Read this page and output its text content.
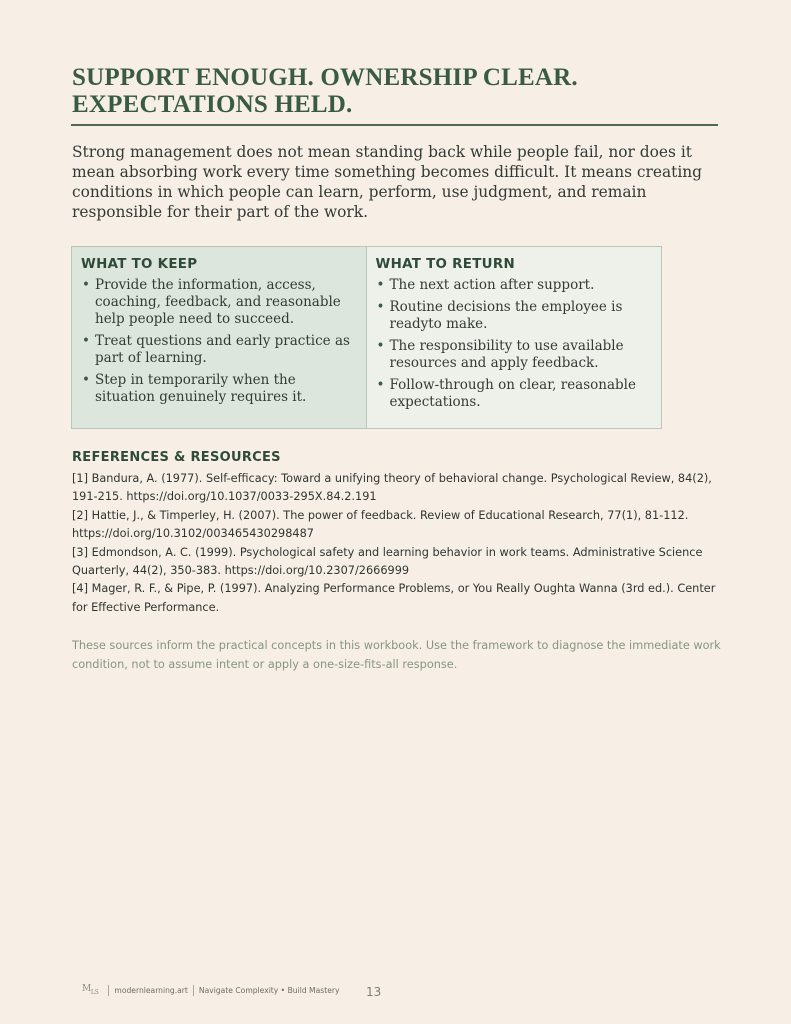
SUPPORT ENOUGH. OWNERSHIP CLEAR.
EXPECTATIONS HELD.

Strong management does not mean standing back while people fail, nor does it mean absorbing work every time something becomes difficult. It means creating conditions in which people can learn, perform, use judgment, and remain responsible for their part of the work.

WHAT TO KEEP
• Provide the information, access, coaching, feedback, and reasonable help people need to succeed.
• Treat questions and early practice as part of learning.
• Step in temporarily when the situation genuinely requires it.
WHAT TO RETURN
• The next action after support.
• Routine decisions the employee is readyto make.
• The responsibility to use available resources and apply feedback.
• Follow-through on clear, reasonable expectations.
REFERENCES & RESOURCES

[1] Bandura, A. (1977). Self-efficacy: Toward a unifying theory of behavioral change. Psychological Review, 84(2), 191-215. https://doi.org/10.1037/0033-295X.84.2.191

[2] Hattie, J., & Timperley, H. (2007). The power of feedback. Review of Educational Research, 77(1), 81-112. https://doi.org/10.3102/003465430298487

[3] Edmondson, A. C. (1999). Psychological safety and learning behavior in work teams. Administrative Science Quarterly, 44(2), 350-383. https://doi.org/10.2307/2666999

[4] Mager, R. F., & Pipe, P. (1997). Analyzing Performance Problems, or You Really Oughta Wanna (3rd ed.). Center for Effective Performance.

These sources inform the practical concepts in this workbook. Use the framework to diagnose the immediate work condition, not to assume intent or apply a one-size-fits-all response.

$M_{LS}$ modernlearning.art Navigate Complexity • Build Mastery 13
